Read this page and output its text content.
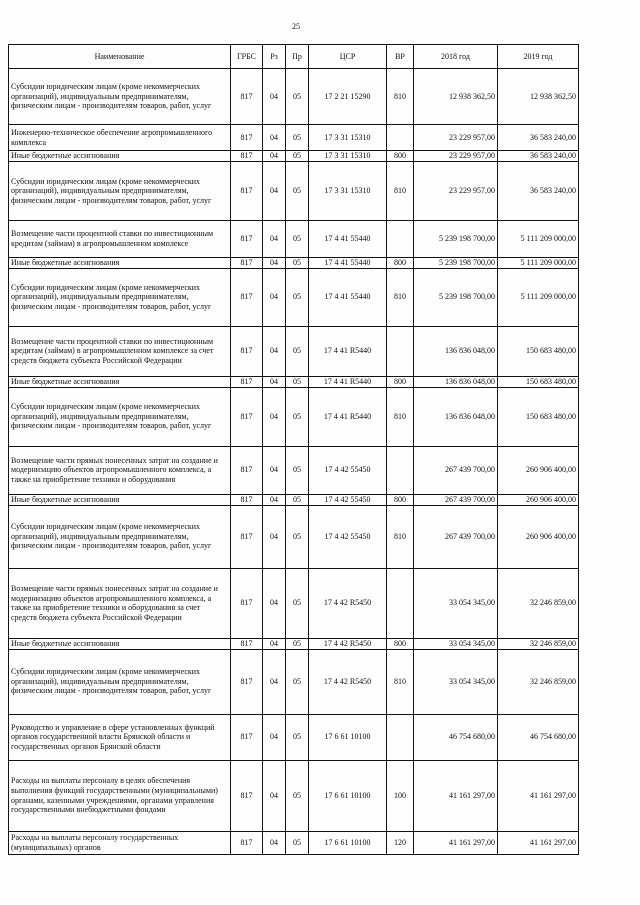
25
Наименование	ГРБС	Рз	Пр	ЦСР	ВР	2018 год	2019 год
Субсидии юридическим лицам (кроме некоммерческих организаций), индивидуальным предпринимателям, физическим лицам - производителям товаров, работ, услуг	817	04	05	17 2 21 15290	810	12 938 362,50	12 938 362,50
Инженерно-техническое обеспечение агропромышленного комплекса	817	04	05	17 3 31 15310		23 229 957,00	36 583 240,00
Иные бюджетные ассигнования	817	04	05	17 3 31 15310	800	23 229 957,00	36 583 240,00
Субсидии юридическим лицам (кроме некоммерческих организаций), индивидуальным предпринимателям, физическим лицам - производителям товаров, работ, услуг	817	04	05	17 3 31 15310	810	23 229 957,00	36 583 240,00
Возмещение части процентной ставки по инвестиционным кредитам (займам) в агропромышленном комплексе	817	04	05	17 4 41 55440		5 239 198 700,00	5 111 209 000,00
Иные бюджетные ассигнования	817	04	05	17 4 41 55440	800	5 239 198 700,00	5 111 209 000,00
Субсидии юридическим лицам (кроме некоммерческих организаций), индивидуальным предпринимателям, физическим лицам - производителям товаров, работ, услуг	817	04	05	17 4 41 55440	810	5 239 198 700,00	5 111 209 000,00
Возмещение части процентной ставки по инвестиционным кредитам (займам) в агропромышленном комплексе за счет средств бюджета субъекта Российской Федерации	817	04	05	17 4 41 R5440		136 836 048,00	150 683 480,00
Иные бюджетные ассигнования	817	04	05	17 4 41 R5440	800	136 836 048,00	150 683 480,00
Субсидии юридическим лицам (кроме некоммерческих организаций), индивидуальным предпринимателям, физическим лицам - производителям товаров, работ, услуг	817	04	05	17 4 41 R5440	810	136 836 048,00	150 683 480,00
Возмещение части прямых понесенных затрат на создание и модернизацию объектов агропромышленного комплекса, а также на приобретение техники и оборудования	817	04	05	17 4 42 55450		267 439 700,00	260 906 400,00
Иные бюджетные ассигнования	817	04	05	17 4 42 55450	800	267 439 700,00	260 906 400,00
Субсидии юридическим лицам (кроме некоммерческих организаций), индивидуальным предпринимателям, физическим лицам - производителям товаров, работ, услуг	817	04	05	17 4 42 55450	810	267 439 700,00	260 906 400,00
Возмещение части прямых понесенных затрат на создание и модернизацию объектов агропромышленного комплекса, а также на приобретение техники и оборудования за счет средств бюджета субъекта Российской Федерации	817	04	05	17 4 42 R5450		33 054 345,00	32 246 859,00
Иные бюджетные ассигнования	817	04	05	17 4 42 R5450	800	33 054 345,00	32 246 859,00
Субсидии юридическим лицам (кроме некоммерческих организаций), индивидуальным предпринимателям, физическим лицам - производителям товаров, работ, услуг	817	04	05	17 4 42 R5450	810	33 054 345,00	32 246 859,00
Руководство и управление в сфере установленных функций органов государственной власти Брянской области и государственных органов Брянской области	817	04	05	17 6 61 10100		46 754 680,00	46 754 680,00
Расходы на выплаты персоналу в целях обеспечения выполнения функций государственными (муниципальными) органами, казенными учреждениями, органами управления государственными внебюджетными фондами	817	04	05	17 6 61 10100	100	41 161 297,00	41 161 297,00
Расходы на выплаты персоналу государственных (муниципальных) органов	817	04	05	17 6 61 10100	120	41 161 297,00	41 161 297,00
